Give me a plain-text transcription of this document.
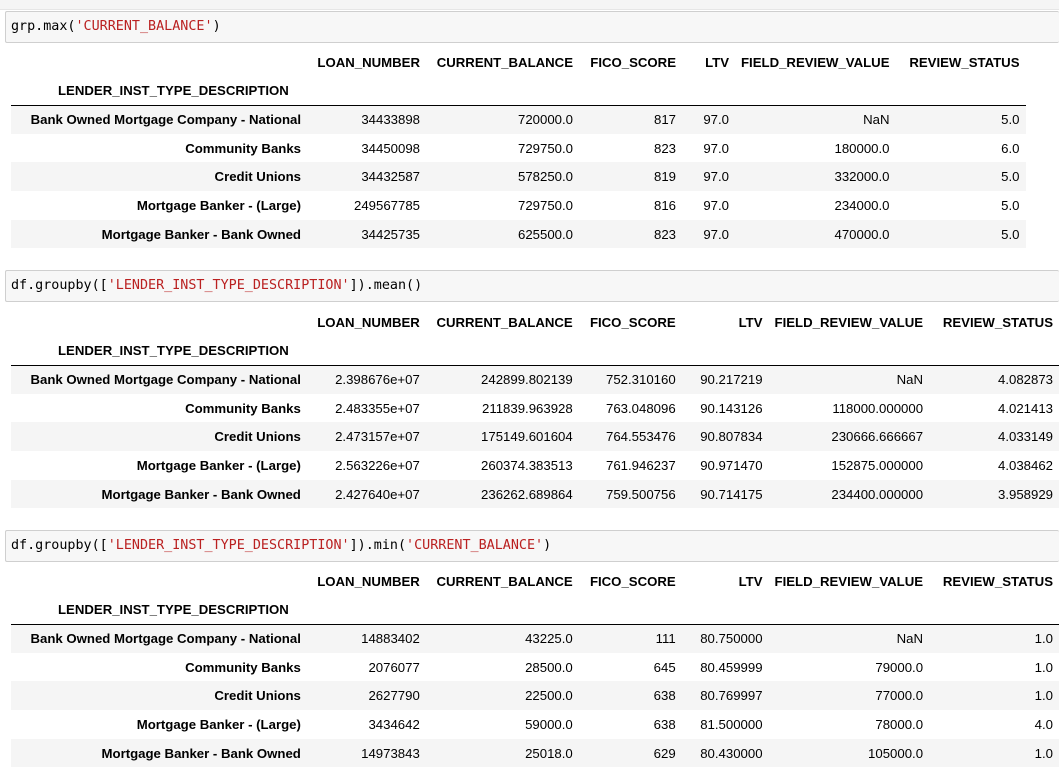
grp.max('CURRENT_BALANCE')
	LOAN_NUMBER	CURRENT_BALANCE	FICO_SCORE	LTV	FIELD_REVIEW_VALUE	REVIEW_STATUS
LENDER_INST_TYPE_DESCRIPTION						
Bank Owned Mortgage Company - National	34433898	720000.0	817	97.0	NaN	5.0
Community Banks	34450098	729750.0	823	97.0	180000.0	6.0
Credit Unions	34432587	578250.0	819	97.0	332000.0	5.0
Mortgage Banker - (Large)	249567785	729750.0	816	97.0	234000.0	5.0
Mortgage Banker - Bank Owned	34425735	625500.0	823	97.0	470000.0	5.0
df.groupby(['LENDER_INST_TYPE_DESCRIPTION']).mean()
	LOAN_NUMBER	CURRENT_BALANCE	FICO_SCORE	LTV	FIELD_REVIEW_VALUE	REVIEW_STATUS
LENDER_INST_TYPE_DESCRIPTION						
Bank Owned Mortgage Company - National	2.398676e+07	242899.802139	752.310160	90.217219	NaN	4.082873
Community Banks	2.483355e+07	211839.963928	763.048096	90.143126	118000.000000	4.021413
Credit Unions	2.473157e+07	175149.601604	764.553476	90.807834	230666.666667	4.033149
Mortgage Banker - (Large)	2.563226e+07	260374.383513	761.946237	90.971470	152875.000000	4.038462
Mortgage Banker - Bank Owned	2.427640e+07	236262.689864	759.500756	90.714175	234400.000000	3.958929
df.groupby(['LENDER_INST_TYPE_DESCRIPTION']).min('CURRENT_BALANCE')
	LOAN_NUMBER	CURRENT_BALANCE	FICO_SCORE	LTV	FIELD_REVIEW_VALUE	REVIEW_STATUS
LENDER_INST_TYPE_DESCRIPTION						
Bank Owned Mortgage Company - National	14883402	43225.0	111	80.750000	NaN	1.0
Community Banks	2076077	28500.0	645	80.459999	79000.0	1.0
Credit Unions	2627790	22500.0	638	80.769997	77000.0	1.0
Mortgage Banker - (Large)	3434642	59000.0	638	81.500000	78000.0	4.0
Mortgage Banker - Bank Owned	14973843	25018.0	629	80.430000	105000.0	1.0
